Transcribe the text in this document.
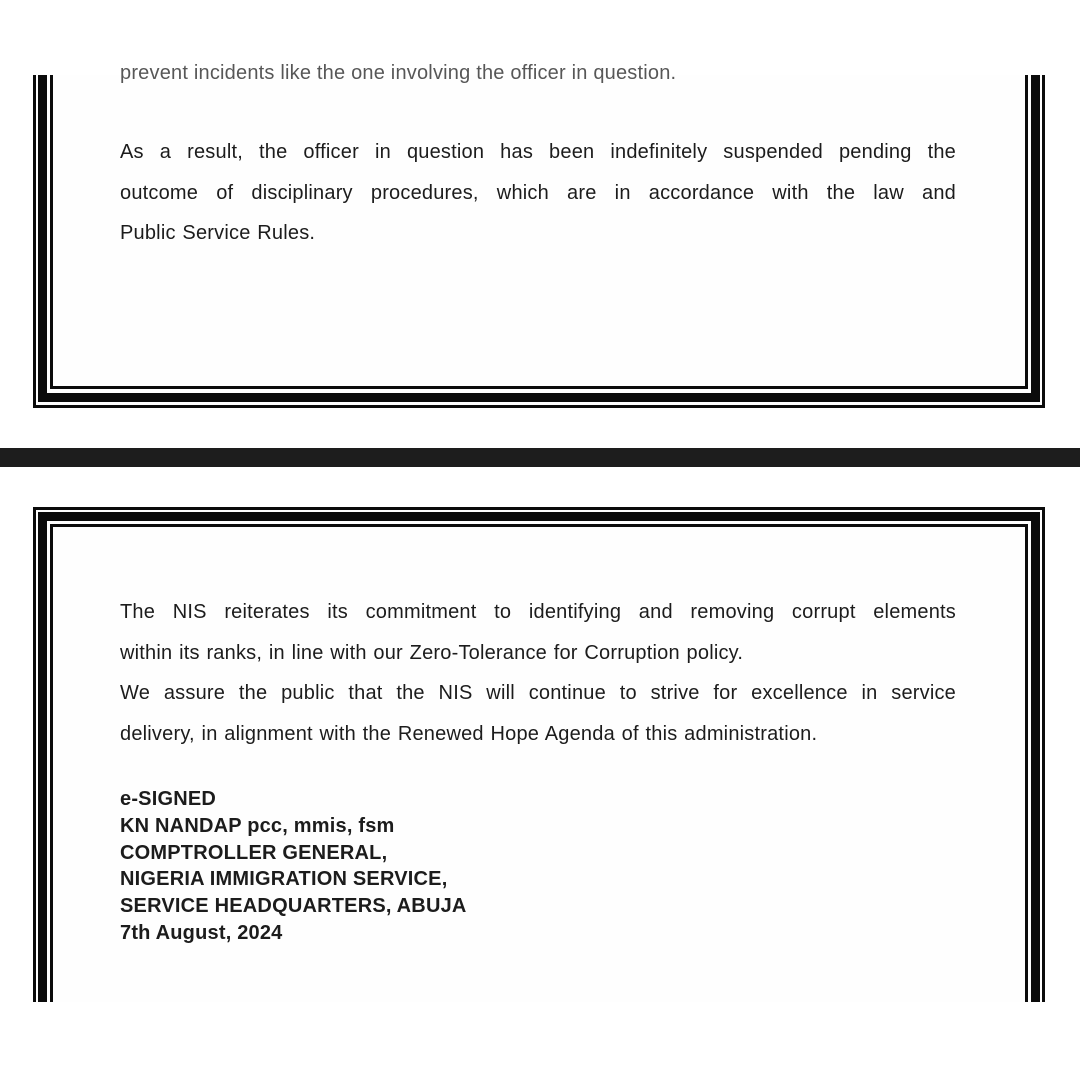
prevent incidents like the one involving the officer in question.
As a result, the officer in question has been indefinitely suspended pending the
outcome of disciplinary procedures, which are in accordance with the law and
Public Service Rules.
The NIS reiterates its commitment to identifying and removing corrupt elements
within its ranks, in line with our Zero-Tolerance for Corruption policy.
We assure the public that the NIS will continue to strive for excellence in service
delivery, in alignment with the Renewed Hope Agenda of this administration.
e-SIGNED
KN NANDAP pcc, mmis, fsm
COMPTROLLER GENERAL,
NIGERIA IMMIGRATION SERVICE,
SERVICE HEADQUARTERS, ABUJA
7th August, 2024
